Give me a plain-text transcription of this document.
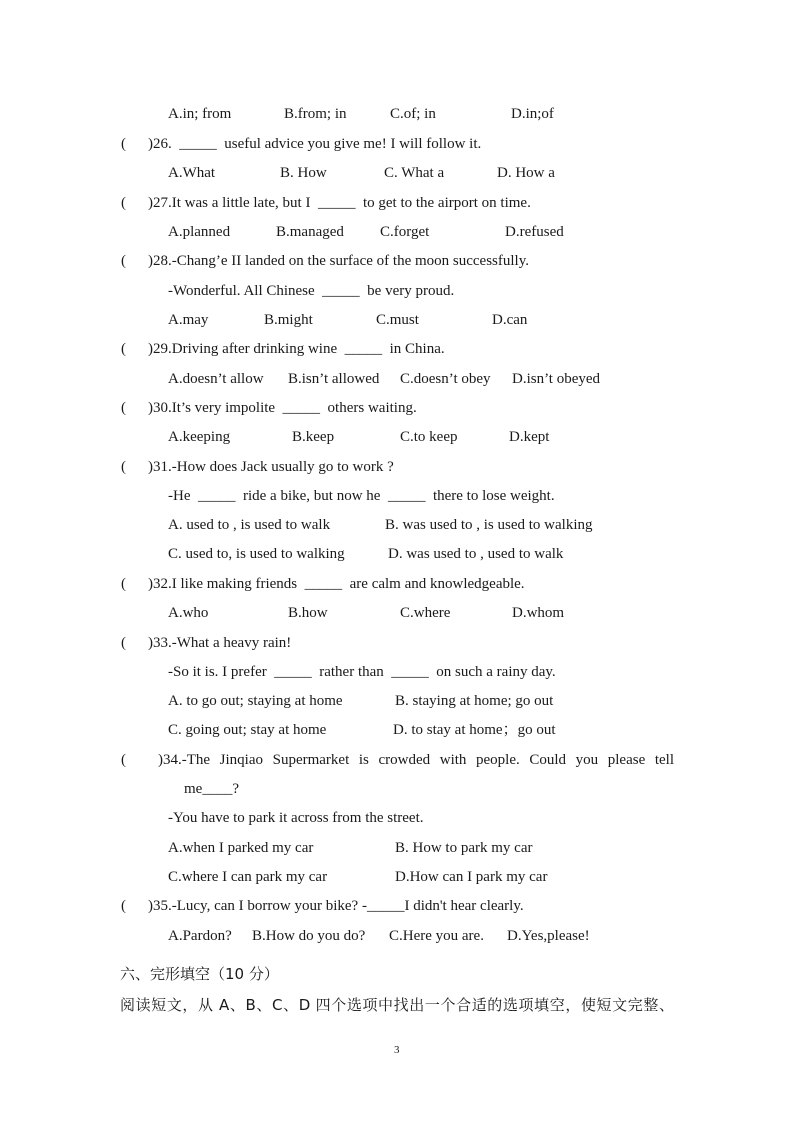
A.in; from	B.from; in	C.of; in	D.in;of
( )26.  _____  useful advice you give me! I will follow it.
A.What	B. How	C. What a	D. How a
( )27.It was a little late, but I  _____  to get to the airport on time.
A.planned	B.managed C.forget	D.refused
( )28.-Chang’e II landed on the surface of the moon successfully.
-Wonderful. All Chinese  _____  be very proud.
A.may	B.might	C.must	D.can
( )29.Driving after drinking wine  _____  in China.
A.doesn’t allow B.isn’t allowed C.doesn’t obey D.isn’t obeyed
( )30.It’s very impolite  _____  others waiting.
A.keeping	B.keep	C.to keep	D.kept
( )31.-How does Jack usually go to work ?
-He  _____  ride a bike, but now he  _____  there to lose weight.
A. used to , is used to walk	B. was used to , is used to walking
C. used to, is used to walking	D. was used to , used to walk
( )32.I like making friends  _____  are calm and knowledgeable.
A.who	B.how	C.where	D.whom
( )33.-What a heavy rain!
-So it is. I prefer  _____  rather than  _____  on such a rainy day.
A. to go out; staying at home	B. staying at home; go out
C. going out; stay at home	D. to stay at home；go out
( )34.-The Jinqiao Supermarket is crowded with people. Could you please tell
me____?
-You have to park it across from the street.
A.when I parked my car	B. How to park my car
C.where I can park my car	D.How can I park my car
( )35.-Lucy, can I borrow your bike? -_____I didn't hear clearly.
A.Pardon? B.How do you do? C.Here you are. D.Yes,please!
六、完形填空（10 分）
阅读短文，从 A、B、C、D 四个选项中找出一个合适的选项填空，使短文完整、
3
